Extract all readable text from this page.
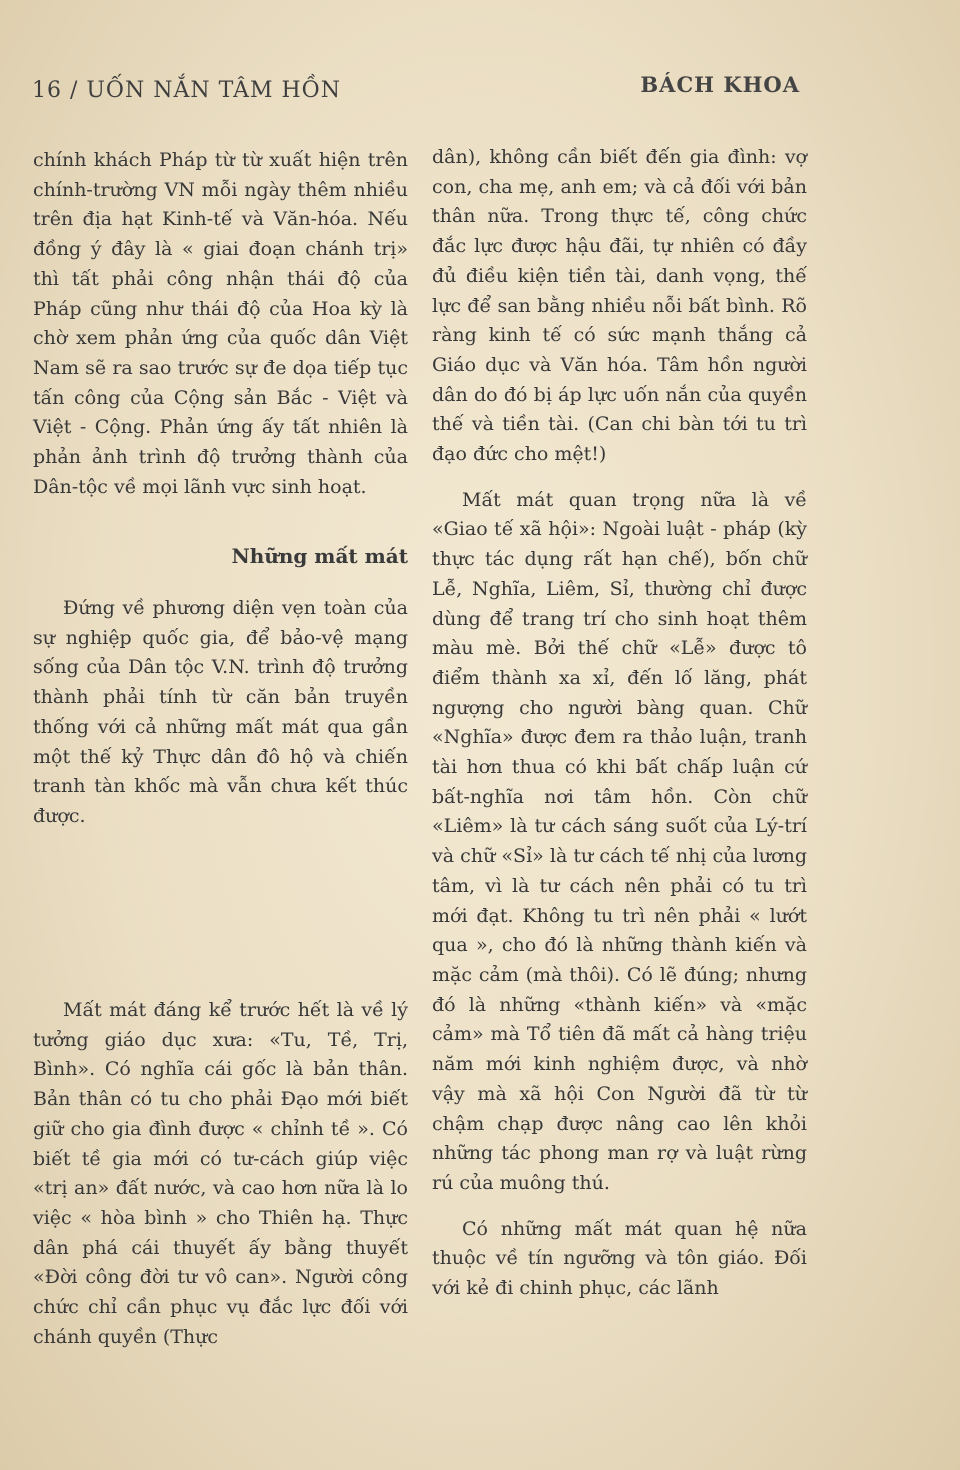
16 / UỐN NẮN TÂM HỒN	BÁCH KHOA

chính khách Pháp từ từ xuất hiện trên chính-trường VN mỗi ngày thêm nhiều trên địa hạt Kinh-tế và Văn-hóa. Nếu đồng ý đây là « giai đoạn chánh trị» thì tất phải công nhận thái độ của Pháp cũng như thái độ của Hoa kỳ là chờ xem phản ứng của quốc dân Việt Nam sẽ ra sao trước sự đe dọa tiếp tục tấn công của Cộng sản Bắc - Việt và Việt - Cộng. Phản ứng ấy tất nhiên là phản ảnh trình độ trưởng thành của Dân-tộc về mọi lãnh vực sinh hoạt.

Những mất mát

Đứng về phương diện vẹn toàn của sự nghiệp quốc gia, để bảo-vệ mạng sống của Dân tộc V.N. trình độ trưởng thành phải tính từ căn bản truyền thống với cả những mất mát qua gần một thế kỷ Thực dân đô hộ và chiến tranh tàn khốc mà vẫn chưa kết thúc được.

Mất mát đáng kể trước hết là về lý tưởng giáo dục xưa: «Tu, Tề, Trị, Bình». Có nghĩa cái gốc là bản thân. Bản thân có tu cho phải Đạo mới biết giữ cho gia đình được « chỉnh tề ». Có biết tề gia mới có tư-cách giúp việc «trị an» đất nước, và cao hơn nữa là lo việc « hòa bình » cho Thiên hạ. Thực dân phá cái thuyết ấy bằng thuyết «Đời công đời tư vô can». Người công chức chỉ cần phục vụ đắc lực đối với chánh quyền (Thực

dân), không cần biết đến gia đình: vợ con, cha mẹ, anh em; và cả đối với bản thân nữa. Trong thực tế, công chức đắc lực được hậu đãi, tự nhiên có đầy đủ điều kiện tiền tài, danh vọng, thế lực để san bằng nhiều nỗi bất bình. Rõ ràng kinh tế có sức mạnh thắng cả Giáo dục và Văn hóa. Tâm hồn người dân do đó bị áp lực uốn nắn của quyền thế và tiền tài. (Can chi bàn tới tu trì đạo đức cho mệt!)

Mất mát quan trọng nữa là về «Giao tế xã hội»: Ngoài luật - pháp (kỳ thực tác dụng rất hạn chế), bốn chữ Lễ, Nghĩa, Liêm, Sỉ, thường chỉ được dùng để trang trí cho sinh hoạt thêm màu mè. Bởi thế chữ «Lễ» được tô điểm thành xa xỉ, đến lố lăng, phát ngượng cho người bàng quan. Chữ «Nghĩa» được đem ra thảo luận, tranh tài hơn thua có khi bất chấp luận cứ bất-nghĩa nơi tâm hồn. Còn chữ «Liêm» là tư cách sáng suốt của Lý-trí và chữ «Sỉ» là tư cách tế nhị của lương tâm, vì là tư cách nên phải có tu trì mới đạt. Không tu trì nên phải « lướt qua », cho đó là những thành kiến và mặc cảm (mà thôi). Có lẽ đúng; nhưng đó là những «thành kiến» và «mặc cảm» mà Tổ tiên đã mất cả hàng triệu năm mới kinh nghiệm được, và nhờ vậy mà xã hội Con Người đã từ từ chậm chạp được nâng cao lên khỏi những tác phong man rợ và luật rừng rú của muông thú.

Có những mất mát quan hệ nữa thuộc về tín ngưỡng và tôn giáo. Đối với kẻ đi chinh phục, các lãnh
